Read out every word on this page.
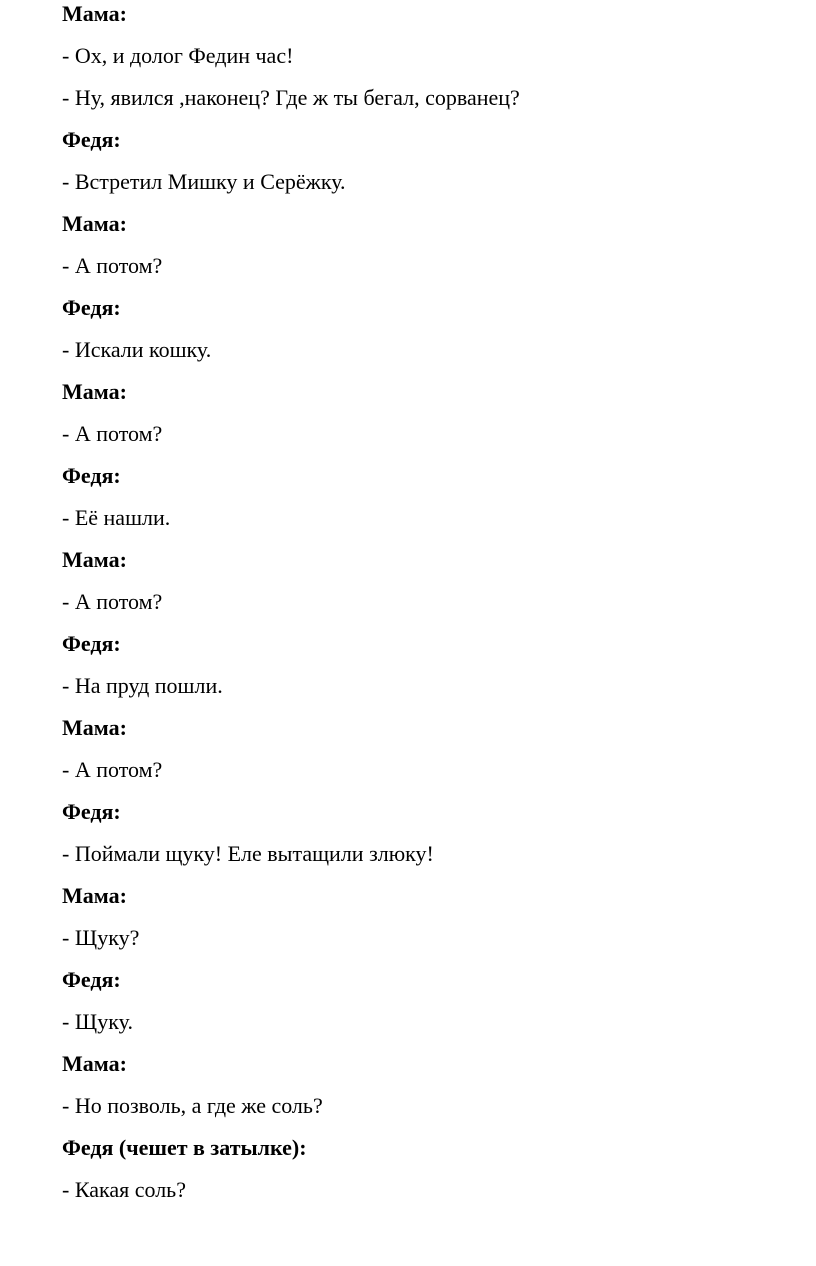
Мама:
- Ох, и долог Федин час!
- Ну, явился ,наконец? Где ж ты бегал, сорванец?
Федя:
- Встретил Мишку и Серёжку.
Мама:
- А потом?
Федя:
- Искали кошку.
Мама:
- А потом?
Федя:
- Её нашли.
Мама:
- А потом?
Федя:
- На пруд пошли.
Мама:
- А потом?
Федя:
- Поймали щуку! Еле вытащили злюку!
Мама:
- Щуку?
Федя:
- Щуку.
Мама:
- Но позволь, а где же соль?
Федя (чешет в затылке):
- Какая соль?
